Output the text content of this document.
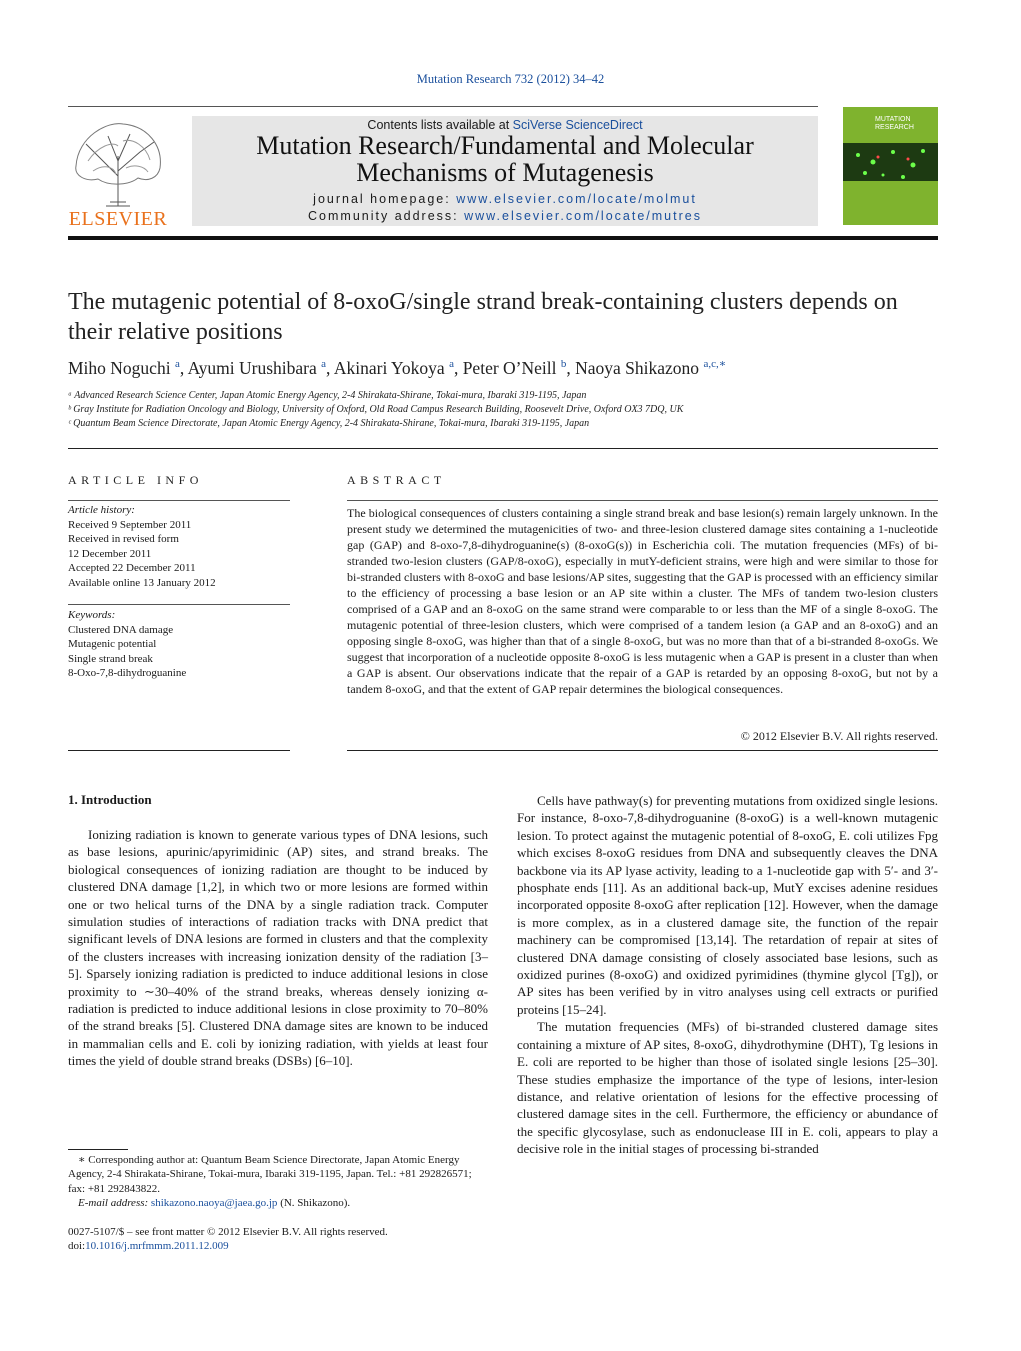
Mutation Research 732 (2012) 34–42
ELSEVIER
Contents lists available at SciVerse ScienceDirect
Mutation Research/Fundamental and Molecular Mechanisms of Mutagenesis
journal homepage: www.elsevier.com/locate/molmut
Community address: www.elsevier.com/locate/mutres
MUTATION RESEARCH
The mutagenic potential of 8-oxoG/single strand break-containing clusters depends on their relative positions
Miho Noguchi $^a$, Ayumi Urushibara $^a$, Akinari Yokoya $^a$, Peter O’Neill $^b$, Naoya Shikazono $^{a,c,∗}$
ᵃ Advanced Research Science Center, Japan Atomic Energy Agency, 2-4 Shirakata-Shirane, Tokai-mura, Ibaraki 319-1195, Japan
ᵇ Gray Institute for Radiation Oncology and Biology, University of Oxford, Old Road Campus Research Building, Roosevelt Drive, Oxford OX3 7DQ, UK
ᶜ Quantum Beam Science Directorate, Japan Atomic Energy Agency, 2-4 Shirakata-Shirane, Tokai-mura, Ibaraki 319-1195, Japan
ARTICLE INFO
Article history:
Received 9 September 2011
Received in revised form
12 December 2011
Accepted 22 December 2011
Available online 13 January 2012
Keywords:
Clustered DNA damage
Mutagenic potential
Single strand break
8-Oxo-7,8-dihydroguanine
ABSTRACT
The biological consequences of clusters containing a single strand break and base lesion(s) remain largely unknown. In the present study we determined the mutagenicities of two- and three-lesion clustered damage sites containing a 1-nucleotide gap (GAP) and 8-oxo-7,8-dihydroguanine(s) (8-oxoG(s)) in Escherichia coli. The mutation frequencies (MFs) of bi-stranded two-lesion clusters (GAP/8-oxoG), especially in mutY-deficient strains, were high and were similar to those for bi-stranded clusters with 8-oxoG and base lesions/AP sites, suggesting that the GAP is processed with an efficiency similar to the efficiency of processing a base lesion or an AP site within a cluster. The MFs of tandem two-lesion clusters comprised of a GAP and an 8-oxoG on the same strand were comparable to or less than the MF of a single 8-oxoG. The mutagenic potential of three-lesion clusters, which were comprised of a tandem lesion (a GAP and an 8-oxoG) and an opposing single 8-oxoG, was higher than that of a single 8-oxoG, but was no more than that of a bi-stranded 8-oxoGs. We suggest that incorporation of a nucleotide opposite 8-oxoG is less mutagenic when a GAP is present in a cluster than when a GAP is absent. Our observations indicate that the repair of a GAP is retarded by an opposing 8-oxoG, but not by a tandem 8-oxoG, and that the extent of GAP repair determines the biological consequences.
© 2012 Elsevier B.V. All rights reserved.
1. Introduction

Ionizing radiation is known to generate various types of DNA lesions, such as base lesions, apurinic/apyrimidinic (AP) sites, and strand breaks. The biological consequences of ionizing radiation are thought to be induced by clustered DNA damage [1,2], in which two or more lesions are formed within one or two helical turns of the DNA by a single radiation track. Computer simulation studies of interactions of radiation tracks with DNA predict that significant levels of DNA lesions are formed in clusters and that the complexity of the clusters increases with increasing ionization density of the radiation [3–5]. Sparsely ionizing radiation is predicted to induce additional lesions in close proximity to ∼30–40% of the strand breaks, whereas densely ionizing α-radiation is predicted to induce additional lesions in close proximity to 70–80% of the strand breaks [5]. Clustered DNA damage sites are known to be induced in mammalian cells and E. coli by ionizing radiation, with yields at least four times the yield of double strand breaks (DSBs) [6–10].

Cells have pathway(s) for preventing mutations from oxidized single lesions. For instance, 8-oxo-7,8-dihydroguanine (8-oxoG) is a well-known mutagenic lesion. To protect against the mutagenic potential of 8-oxoG, E. coli utilizes Fpg which excises 8-oxoG residues from DNA and subsequently cleaves the DNA backbone via its AP lyase activity, leading to a 1-nucleotide gap with 5′- and 3′-phosphate ends [11]. As an additional back-up, MutY excises adenine residues incorporated opposite 8-oxoG after replication [12]. However, when the damage is more complex, as in a clustered damage site, the function of the repair machinery can be compromised [13,14]. The retardation of repair at sites of clustered DNA damage consisting of closely associated base lesions, such as oxidized purines (8-oxoG) and oxidized pyrimidines (thymine glycol [Tg]), or AP sites has been verified by in vitro analyses using cell extracts or purified proteins [15–24].

The mutation frequencies (MFs) of bi-stranded clustered damage sites containing a mixture of AP sites, 8-oxoG, dihydrothymine (DHT), Tg lesions in E. coli are reported to be higher than those of isolated single lesions [25–30]. These studies emphasize the importance of the type of lesions, inter-lesion distance, and relative orientation of lesions for the effective processing of clustered damage sites in the cell. Furthermore, the efficiency or abundance of the specific glycosylase, such as endonuclease III in E. coli, appears to play a decisive role in the initial stages of processing bi-stranded

∗ Corresponding author at: Quantum Beam Science Directorate, Japan Atomic Energy Agency, 2-4 Shirakata-Shirane, Tokai-mura, Ibaraki 319-1195, Japan. Tel.: +81 292826571; fax: +81 292843822.
E-mail address: shikazono.naoya@jaea.go.jp (N. Shikazono).
0027-5107/$ – see front matter © 2012 Elsevier B.V. All rights reserved.
doi:10.1016/j.mrfmmm.2011.12.009
